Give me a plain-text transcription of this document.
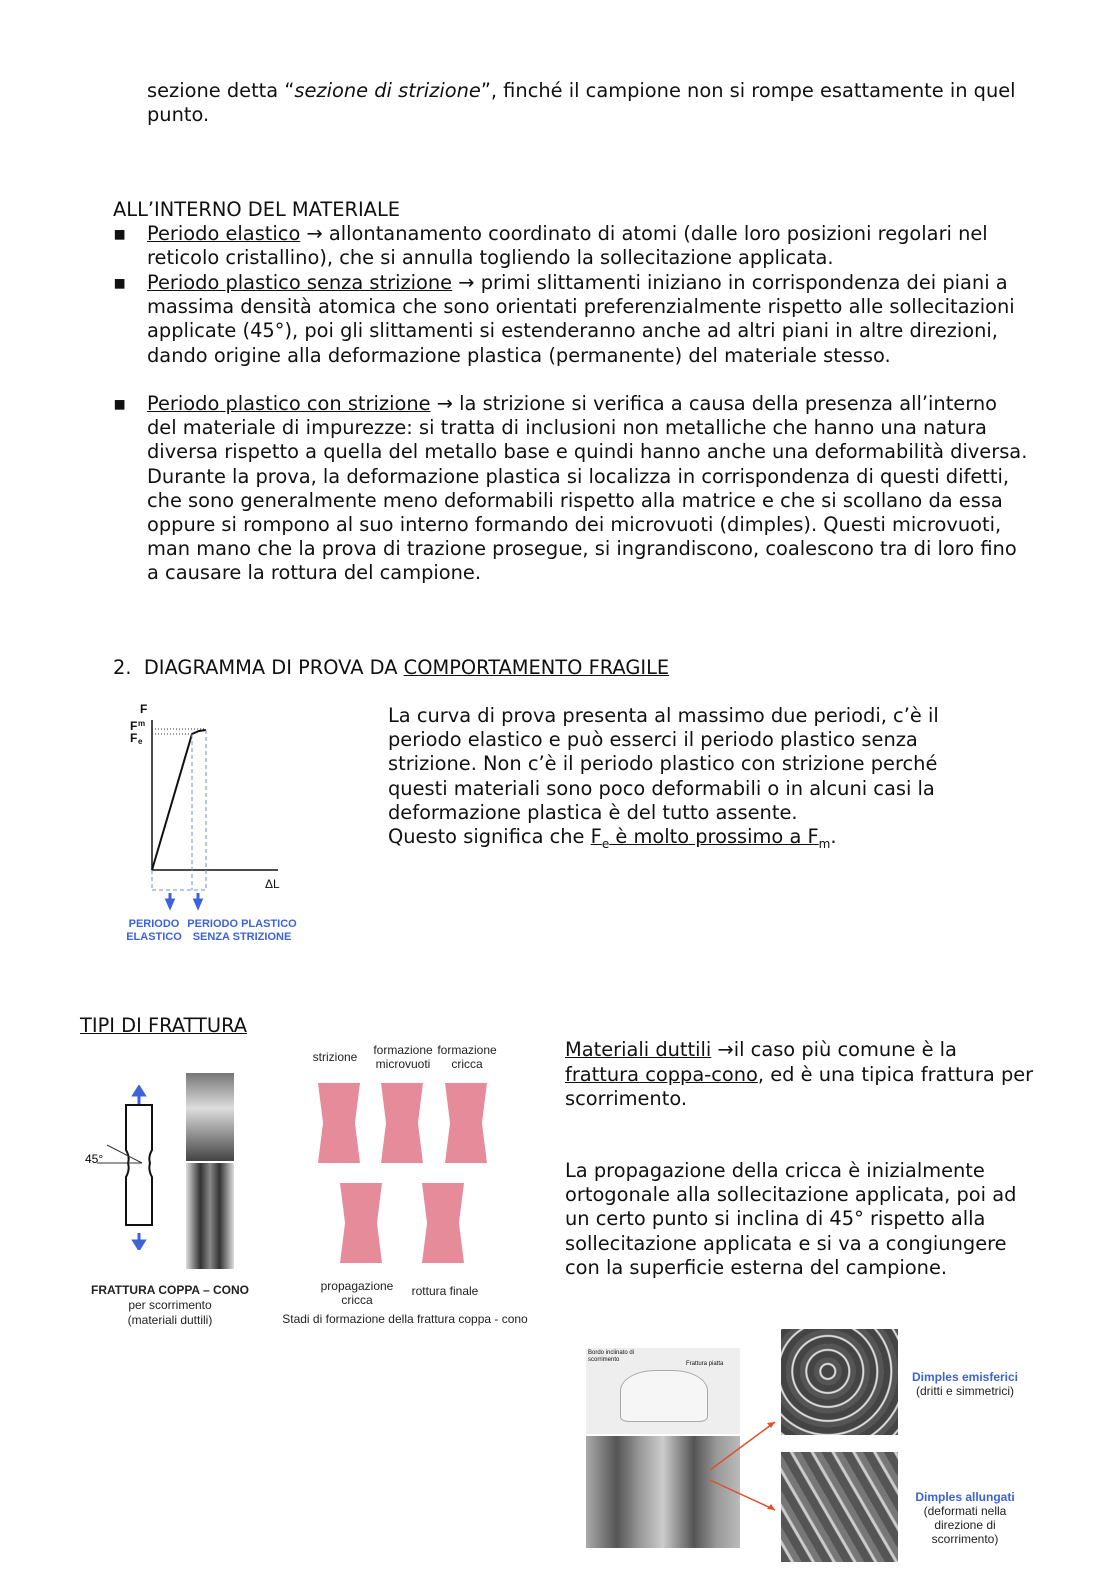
sezione detta “sezione di strizione”, finché il campione non si rompe esattamente in quel punto.
ALL’INTERNO DEL MATERIALE
▪ Periodo elastico → allontanamento coordinato di atomi (dalle loro posizioni regolari nel reticolo cristallino), che si annulla togliendo la sollecitazione applicata.
▪ Periodo plastico senza strizione → primi slittamenti iniziano in corrispondenza dei piani a massima densità atomica che sono orientati preferenzialmente rispetto alle sollecitazioni applicate (45°), poi gli slittamenti si estenderanno anche ad altri piani in altre direzioni, dando origine alla deformazione plastica (permanente) del materiale stesso.
▪ Periodo plastico con strizione → la strizione si verifica a causa della presenza all’interno del materiale di impurezze: si tratta di inclusioni non metalliche che hanno una natura diversa rispetto a quella del metallo base e quindi hanno anche una deformabilità diversa. Durante la prova, la deformazione plastica si localizza in corrispondenza di questi difetti, che sono generalmente meno deformabili rispetto alla matrice e che si scollano da essa oppure si rompono al suo interno formando dei microvuoti (dimples). Questi microvuoti, man mano che la prova di trazione prosegue, si ingrandiscono, coalescono tra di loro fino a causare la rottura del campione.
2. DIAGRAMMA DI PROVA DA COMPORTAMENTO FRAGILE
F
F m
F e
ΔL
PERIODO
ELASTICO
PERIODO PLASTICO
SENZA STRIZIONE
La curva di prova presenta al massimo due periodi, c’è il periodo elastico e può esserci il periodo plastico senza strizione. Non c’è il periodo plastico con strizione perché questi materiali sono poco deformabili o in alcuni casi la deformazione plastica è del tutto assente.
Questo significa che $F_e$ è molto prossimo a $F_m$.
TIPI DI FRATTURA
45°
FRATTURA COPPA – CONO
per scorrimento
(materiali duttili)
strizione	formazione
microvuoti
formazione
cricca
propagazione
cricca
rottura finale
Stadi di formazione della frattura coppa - cono
Materiali duttili →il caso più comune è la frattura coppa-cono, ed è una tipica frattura per scorrimento.
La propagazione della cricca è inizialmente ortogonale alla sollecitazione applicata, poi ad un certo punto si inclina di 45° rispetto alla sollecitazione applicata e si va a congiungere con la superficie esterna del campione.
Bordo inclinato di scorrimento
Frattura piatta
Dimples emisferici
(dritti e simmetrici)
Dimples allungati
(deformati nella
direzione di
scorrimento)
